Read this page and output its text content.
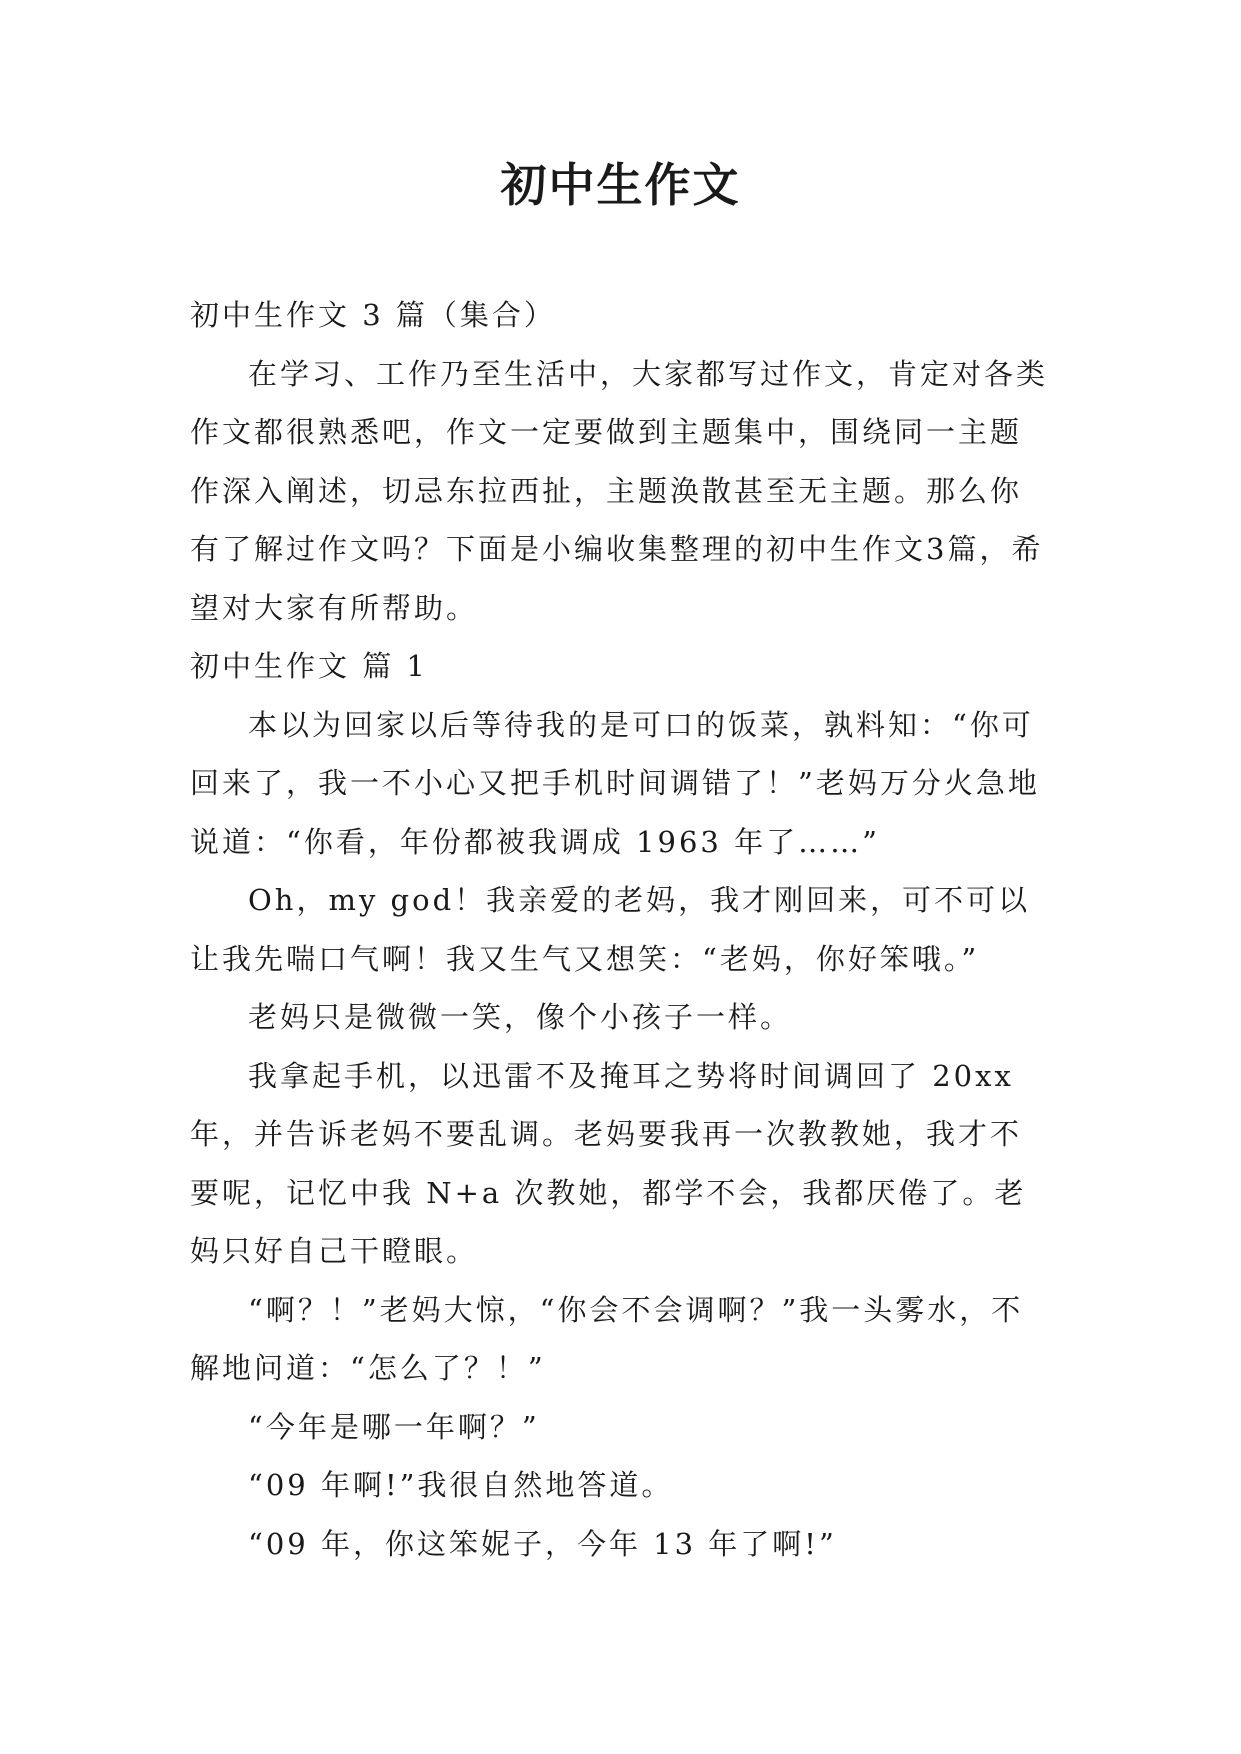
初中生作文

初中生作文 3 篇（集合）

在学习、工作乃至生活中，大家都写过作文，肯定对各类作文都很熟悉吧，作文一定要做到主题集中，围绕同一主题作深入阐述，切忌东拉西扯，主题涣散甚至无主题。那么你有了解过作文吗？下面是小编收集整理的初中生作文3篇，希望对大家有所帮助。

初中生作文 篇 1

本以为回家以后等待我的是可口的饭菜，孰料知：“你可回来了，我一不小心又把手机时间调错了！”老妈万分火急地说道：“你看，年份都被我调成 1963 年了……”

Oh，my god！我亲爱的老妈，我才刚回来，可不可以让我先喘口气啊！我又生气又想笑：“老妈，你好笨哦。”

老妈只是微微一笑，像个小孩子一样。

我拿起手机，以迅雷不及掩耳之势将时间调回了 20xx 年，并告诉老妈不要乱调。老妈要我再一次教教她，我才不要呢，记忆中我 N+a 次教她，都学不会，我都厌倦了。老妈只好自己干瞪眼。

“啊？！”老妈大惊，“你会不会调啊？”我一头雾水，不解地问道：“怎么了？！”

“今年是哪一年啊？”

“09 年啊!”我很自然地答道。

“09 年，你这笨妮子，今年 13 年了啊!”
